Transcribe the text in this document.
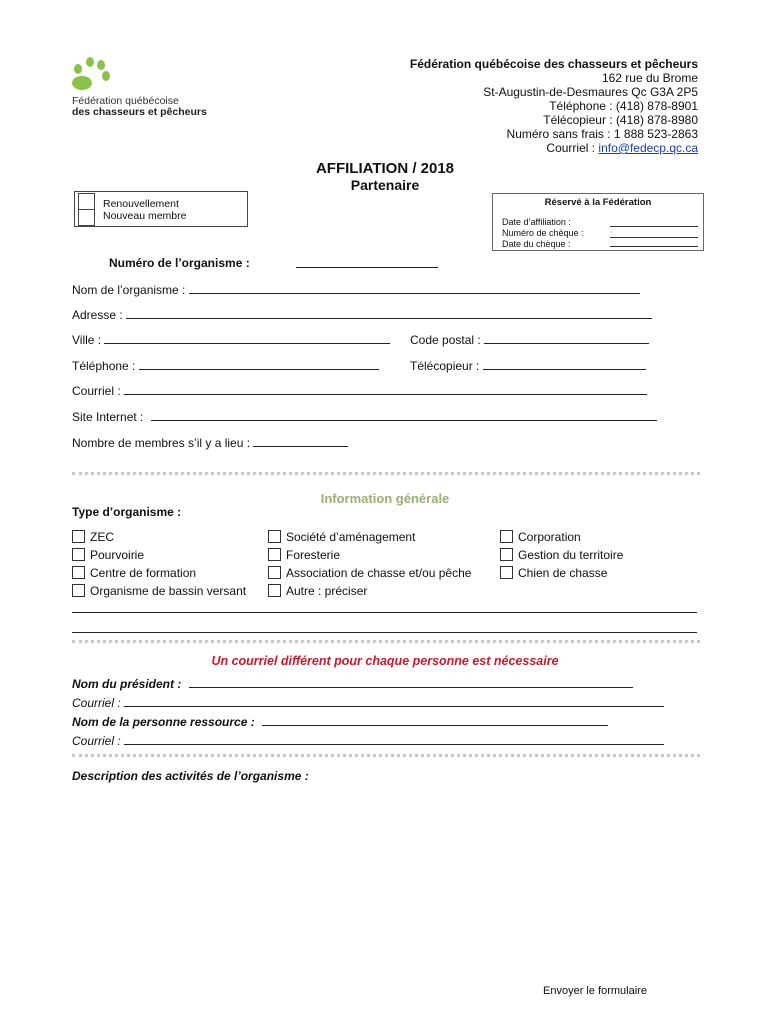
Fédération québécoise
des chasseurs et pêcheurs
Fédération québécoise des chasseurs et pêcheurs
162 rue du Brome
St-Augustin-de-Desmaures Qc G3A 2P5
Téléphone : (418) 878-8901
Télécopieur : (418) 878-8980
Numéro sans frais : 1 888 523-2863
Courriel : info@fedecp.qc.ca
AFFILIATION / 2018
Partenaire
Renouvellement
Nouveau membre
Réservé à la Fédération
Date d’affiliation :
Numéro de chèque :
Date du chèque :
Numéro de l’organisme :
Nom de l’organisme :
Adresse :
Ville :	Code postal :
Téléphone :	Télécopieur :
Courriel :
Site Internet :
Nombre de membres s’il y a lieu :
Information générale
Type d’organisme :
ZEC
Pourvoirie
Centre de formation
Organisme de bassin versant
Société d’aménagement
Foresterie
Association de chasse et/ou pêche
Autre : préciser
Corporation
Gestion du territoire
Chien de chasse
Un courriel différent pour chaque personne est nécessaire
Nom du président :
Courriel :
Nom de la personne ressource :
Courriel :
Description des activités de l’organisme :
Envoyer le formulaire
